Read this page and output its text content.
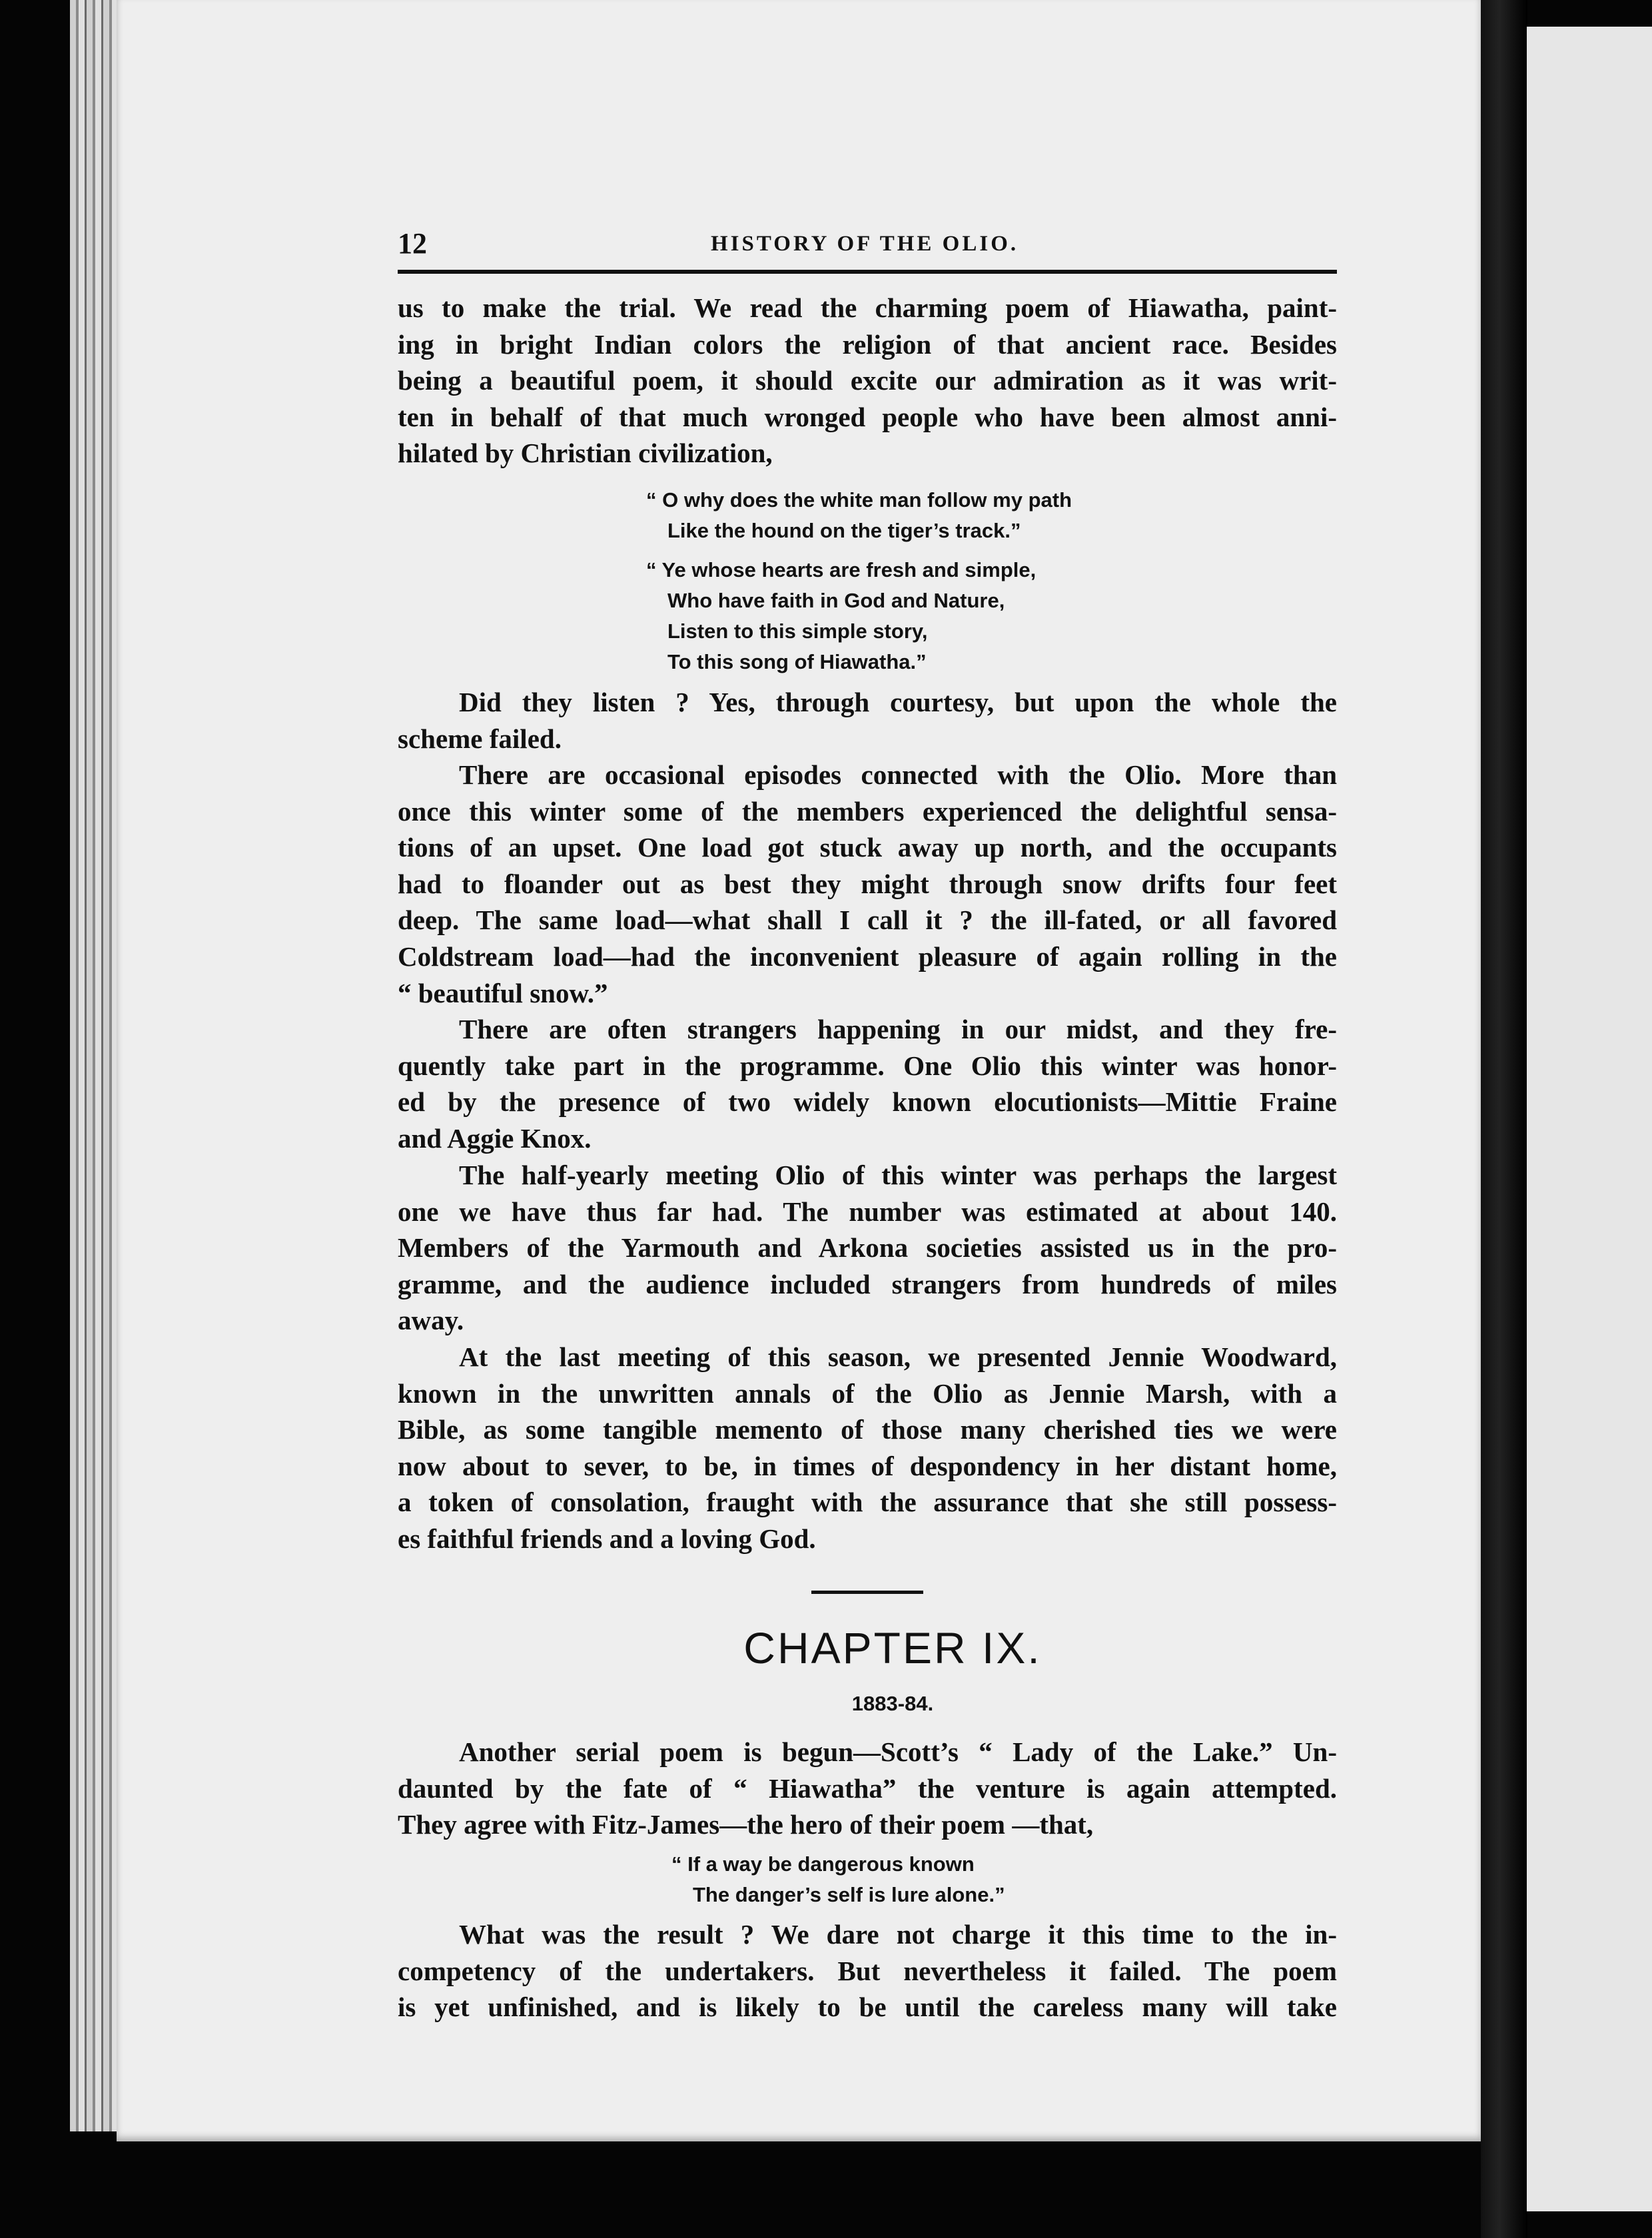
12	HISTORY OF THE OLIO.
us to make the trial. We read the charming poem of Hiawatha, paint-
ing in bright Indian colors the religion of that ancient race. Besides
being a beautiful poem, it should excite our admiration as it was writ-
ten in behalf of that much wronged people who have been almost anni-
hilated by Christian civilization,
“ O why does the white man follow my path
Like the hound on the tiger’s track.”
“ Ye whose hearts are fresh and simple,
Who have faith in God and Nature,
Listen to this simple story,
To this song of Hiawatha.”
Did they listen ? Yes, through courtesy, but upon the whole the
scheme failed.
There are occasional episodes connected with the Olio. More than
once this winter some of the members experienced the delightful sensa-
tions of an upset. One load got stuck away up north, and the occupants
had to floander out as best they might through snow drifts four feet
deep. The same load—what shall I call it ? the ill-fated, or all favored
Coldstream load—had the inconvenient pleasure of again rolling in the
“ beautiful snow.”
There are often strangers happening in our midst, and they fre-
quently take part in the programme. One Olio this winter was honor-
ed by the presence of two widely known elocutionists—Mittie Fraine
and Aggie Knox.
The half-yearly meeting Olio of this winter was perhaps the largest
one we have thus far had. The number was estimated at about 140.
Members of the Yarmouth and Arkona societies assisted us in the pro-
gramme, and the audience included strangers from hundreds of miles
away.
At the last meeting of this season, we presented Jennie Woodward,
known in the unwritten annals of the Olio as Jennie Marsh, with a
Bible, as some tangible memento of those many cherished ties we were
now about to sever, to be, in times of despondency in her distant home,
a token of consolation, fraught with the assurance that she still possess-
es faithful friends and a loving God.
CHAPTER IX.
1883-84.
Another serial poem is begun—Scott’s “ Lady of the Lake.” Un-
daunted by the fate of “ Hiawatha” the venture is again attempted.
They agree with Fitz-James—the hero of their poem —that,
“ If a way be dangerous known
The danger’s self is lure alone.”
What was the result ? We dare not charge it this time to the in-
competency of the undertakers. But nevertheless it failed. The poem
is yet unfinished, and is likely to be until the careless many will take
